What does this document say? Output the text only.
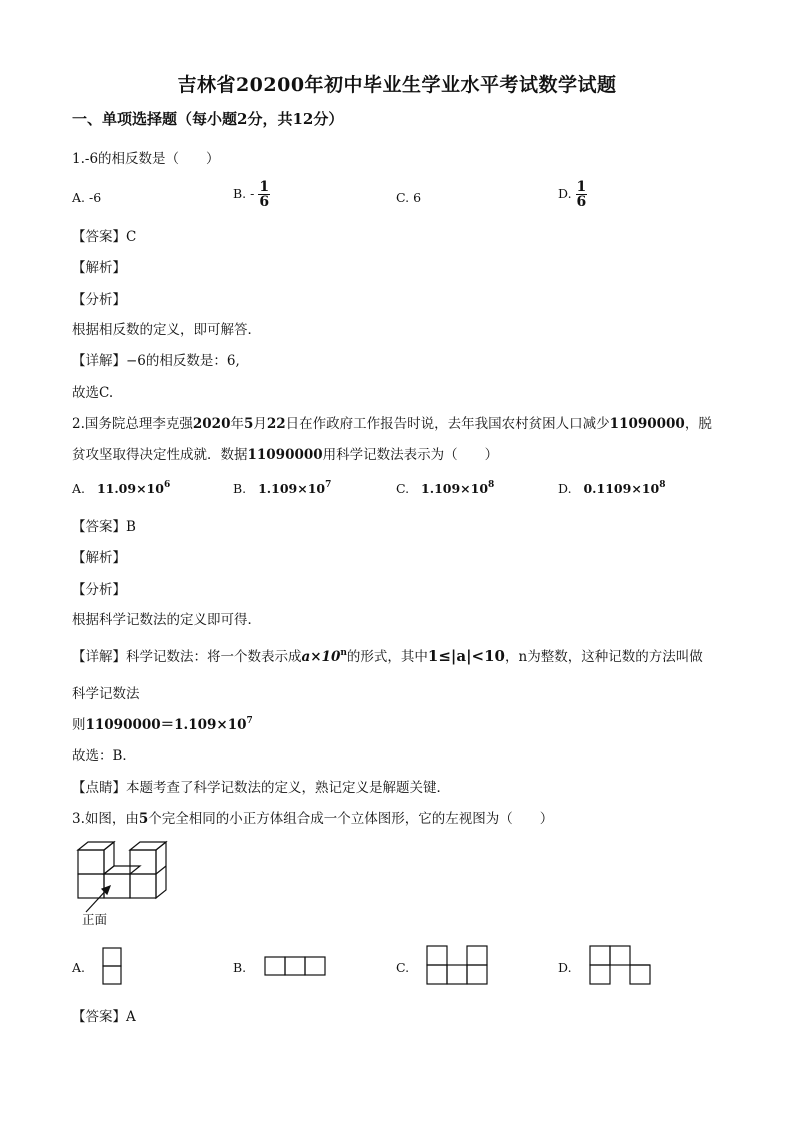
吉林省20200年初中毕业生学业水平考试数学试题
一、单项选择题（每小题2分，共12分）
1.-6的相反数是（　　）
A. -6	B. - $\frac{1}{6}$	C. 6	D. $\frac{1}{6}$
【答案】C
【解析】
【分析】
根据相反数的定义，即可解答．
【详解】−6的相反数是：6,
故选C.
2.国务院总理李克强2020年5月22日在作政府工作报告时说，去年我国农村贫困人口减少11090000，脱
贫攻坚取得决定性成就．数据11090000用科学记数法表示为（　　）
A. $11.09\times 10^6$	B. $1.109\times 10^7$	C. $1.109\times 10^8$	D. $0.1109\times 10^8$
【答案】B
【解析】
【分析】
根据科学记数法的定义即可得．
【详解】科学记数法：将一个数表示成$a\times 10^n$的形式，其中1≤|a|<10，n为整数，这种记数的方法叫做
科学记数法
则$11090000=1.109\times 10^7$
故选：B．
【点睛】本题考查了科学记数法的定义，熟记定义是解题关键．
3.如图，由5个完全相同的小正方体组合成一个立体图形，它的左视图为（　　）
正面
A.	B.	C.	D.
【答案】A
